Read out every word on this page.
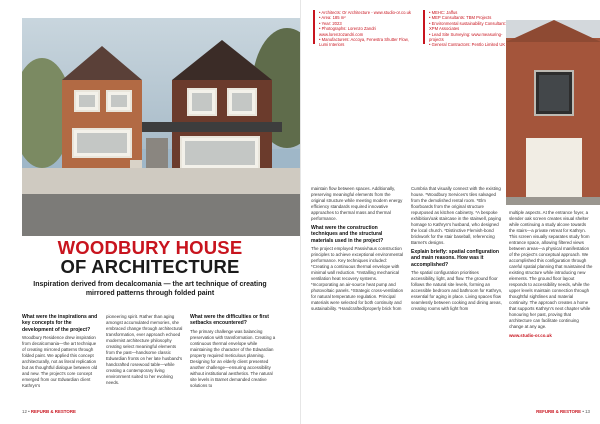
WOODBURY HOUSE
OF ARCHITECTURE
Inspiration derived from decalcomania — the art technique of creating mirrored patterns through folded paint
What were the inspirations and key concepts for the development of the project?

Woodbury Residence drew inspiration from decalcomania—the art technique of creating mirrored patterns through folded paint. We applied this concept architecturally, not as literal replication but as thoughtful dialogue between old and new. The project's core concept emerged from our Edwardian client Kathryn's

pioneering spirit. Rather than aging amongst accumulated memories, she embraced change through architectural transformation, ever approach echoed modernist architecture philosophy creating select meaningful elements from the past—handsome classic Edwardian fronts on her late husband's handcrafted rosewood table—while creating a contemporary living environment suited to her evolving needs.

What were the difficulties or first setbacks encountered?

The primary challenge was balancing preservation with transformation. Creating a continuous thermal envelope while maintaining the character of the Edwardian property required meticulous planning. Designing for an elderly client presented another challenge—ensuring accessibility without institutional aesthetics. The natural site levels in Barnet demanded creative solutions to

12 • REFURB & RESTORE
• Architects: Or Architecture - www.studio-or.co.uk
• Area: 185 m²
• Year: 2023
• Photographs: Lorenzo Zandri
www.lorenzozandri.com
• Manufacturers: Accoya, Fenestra Shutter Flow, Lumi Interiors
• MEHC: Jaffus
• MEP Consultants: TBM Projects
• Environmental sustainability Consultant:
XPM Associates
• Lead Site Surveying: www.measuring-projects
• General Contractors: Pentlo Limited UK

maintain flow between spaces. Additionally, preserving meaningful elements from the original structure while meeting modern energy efficiency standards required innovative approaches to thermal mass and thermal performance.

What were the construction techniques and the structural materials used in the project?

The project employed Passivhaus construction principles to achieve exceptional environmental performance. Key techniques included: *Creating a continuous thermal envelope with minimal wall reduction. *Installing mechanical ventilation heat recovery systems. *Incorporating an air-source heat pump and photovoltaic panels. *Strategic cross-ventilation for natural temperature regulation. Principal materials were selected for both continuity and sustainability. *Handcrafted/properly brick from

Cumbria that visually connect with the existing house. *Woodbury Services's tiles salvaged from the demolished rental room. *Elm floorboards from the original structure repurposed as kitchen cabinetry. *A bespoke exhibition/oak staircase in the stairwell, paying homage to Kathryn's husband, who designed the local church. *Distinctive Flemish-bond brickwork for the stair baseball, referencing Barnet's designs.

Explain briefly: spatial configuration and main reasons. How was it accomplished?

The spatial configuration prioritises accessibility, light, and flow. The ground floor follows the natural site levels, forming an accessible bedroom and bathroom for Kathryn, essential for aging in place. Living spaces flow seamlessly between cooking and dining areas, creating rooms with light from

multiple aspects. At the entrance foyer, a slender oak screen creates visual shelter while continuing a study alcove towards the stairs—a private retreat for Kathryn. This screen visually separates study from entrance space, allowing filtered views between areas—a physical manifestation of the project's conceptual approach. We accomplished this configuration through careful spatial planning that maintained the existing structure while introducing new elements. The ground floor layout responds to accessibility needs, while the upper levels maintain connection through thoughtful sightlines and material continuity. The approach creates a home that supports Kathryn's next chapter while honouring her past, proving that architecture can facilitate continuing change at any age.

www.studio-or.co.uk

REFURB & RESTORE • 13
